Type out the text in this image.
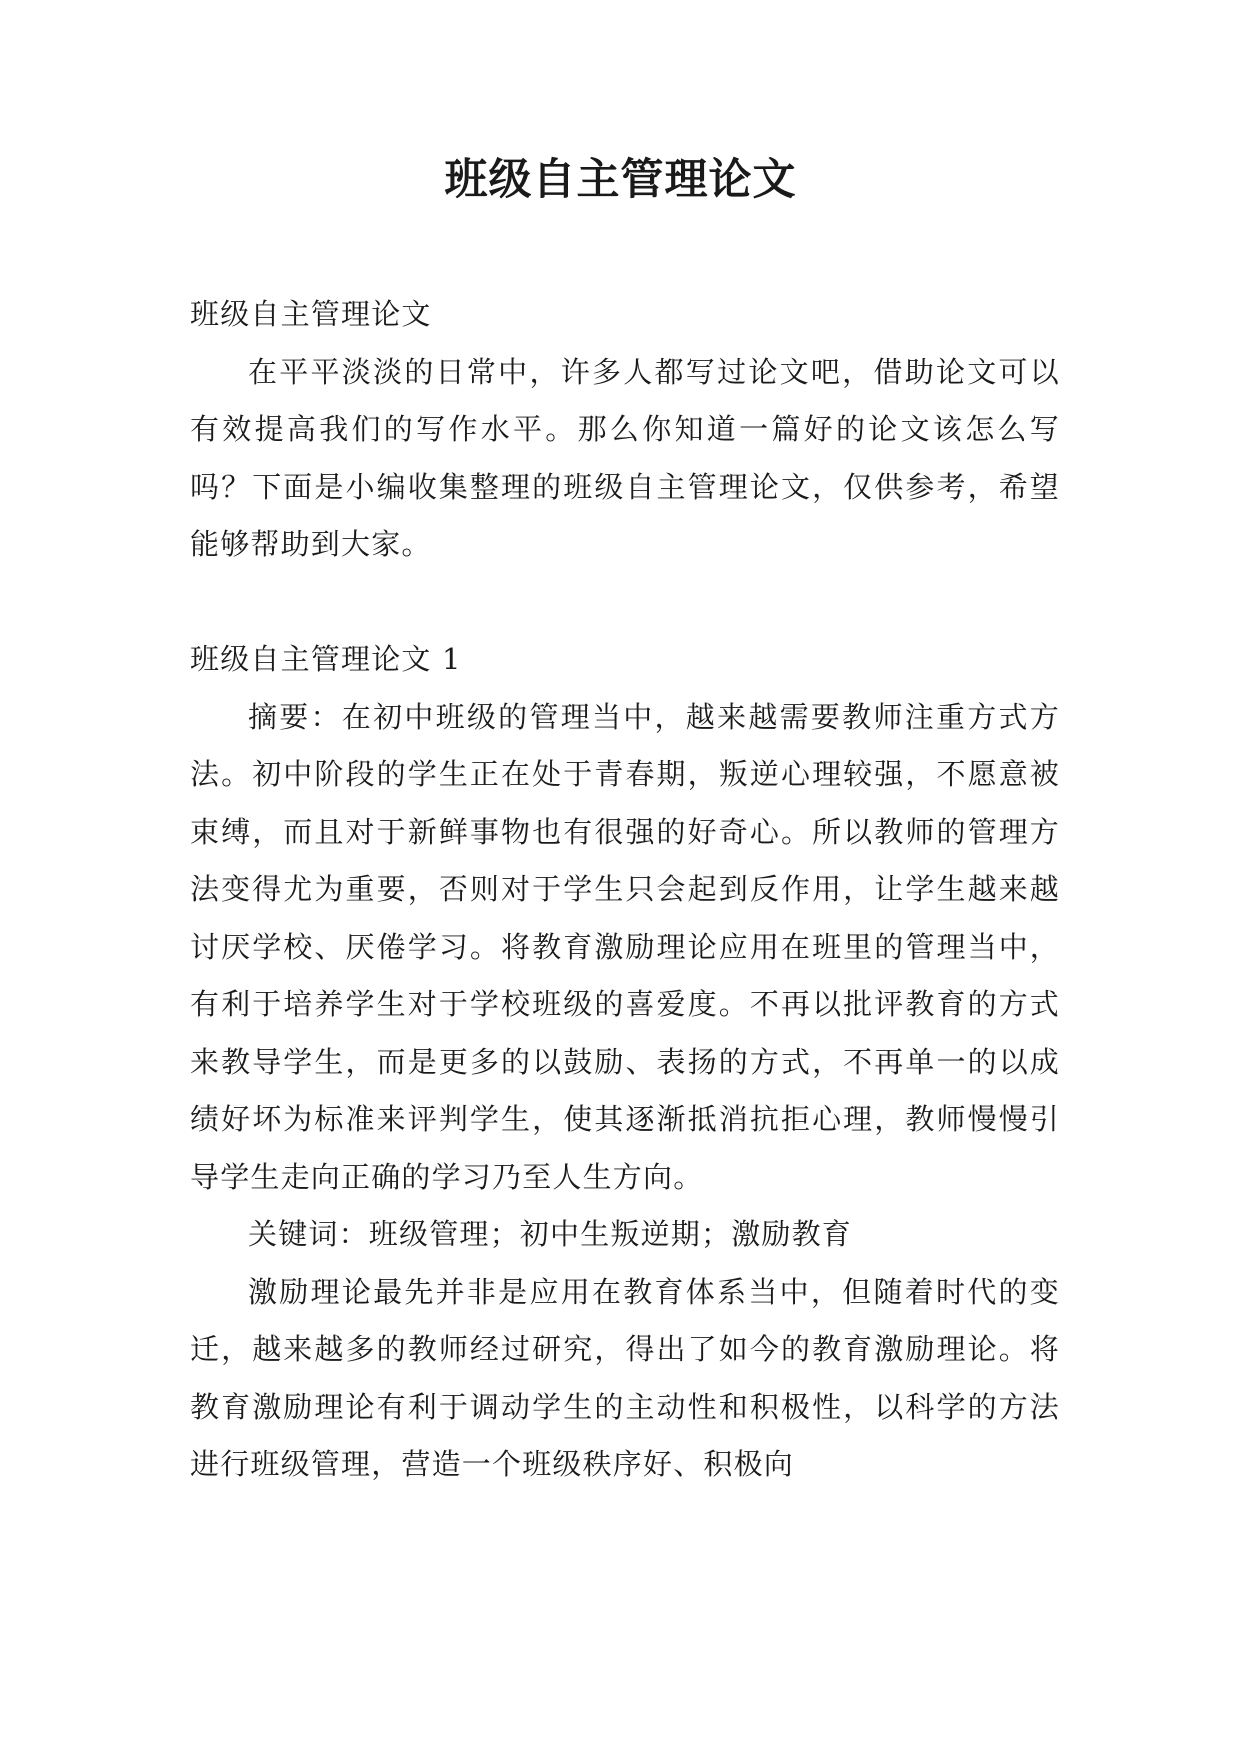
班级自主管理论文

班级自主管理论文

在平平淡淡的日常中，许多人都写过论文吧，借助论文可以有效提高我们的写作水平。那么你知道一篇好的论文该怎么写吗？下面是小编收集整理的班级自主管理论文，仅供参考，希望能够帮助到大家。

班级自主管理论文 1

摘要：在初中班级的管理当中，越来越需要教师注重方式方法。初中阶段的学生正在处于青春期，叛逆心理较强，不愿意被束缚，而且对于新鲜事物也有很强的好奇心。所以教师的管理方法变得尤为重要，否则对于学生只会起到反作用，让学生越来越讨厌学校、厌倦学习。将教育激励理论应用在班里的管理当中，有利于培养学生对于学校班级的喜爱度。不再以批评教育的方式来教导学生，而是更多的以鼓励、表扬的方式，不再单一的以成绩好坏为标准来评判学生，使其逐渐抵消抗拒心理，教师慢慢引导学生走向正确的学习乃至人生方向。

关键词：班级管理；初中生叛逆期；激励教育

激励理论最先并非是应用在教育体系当中，但随着时代的变迁，越来越多的教师经过研究，得出了如今的教育激励理论。将教育激励理论有利于调动学生的主动性和积极性，以科学的方法进行班级管理，营造一个班级秩序好、积极向
